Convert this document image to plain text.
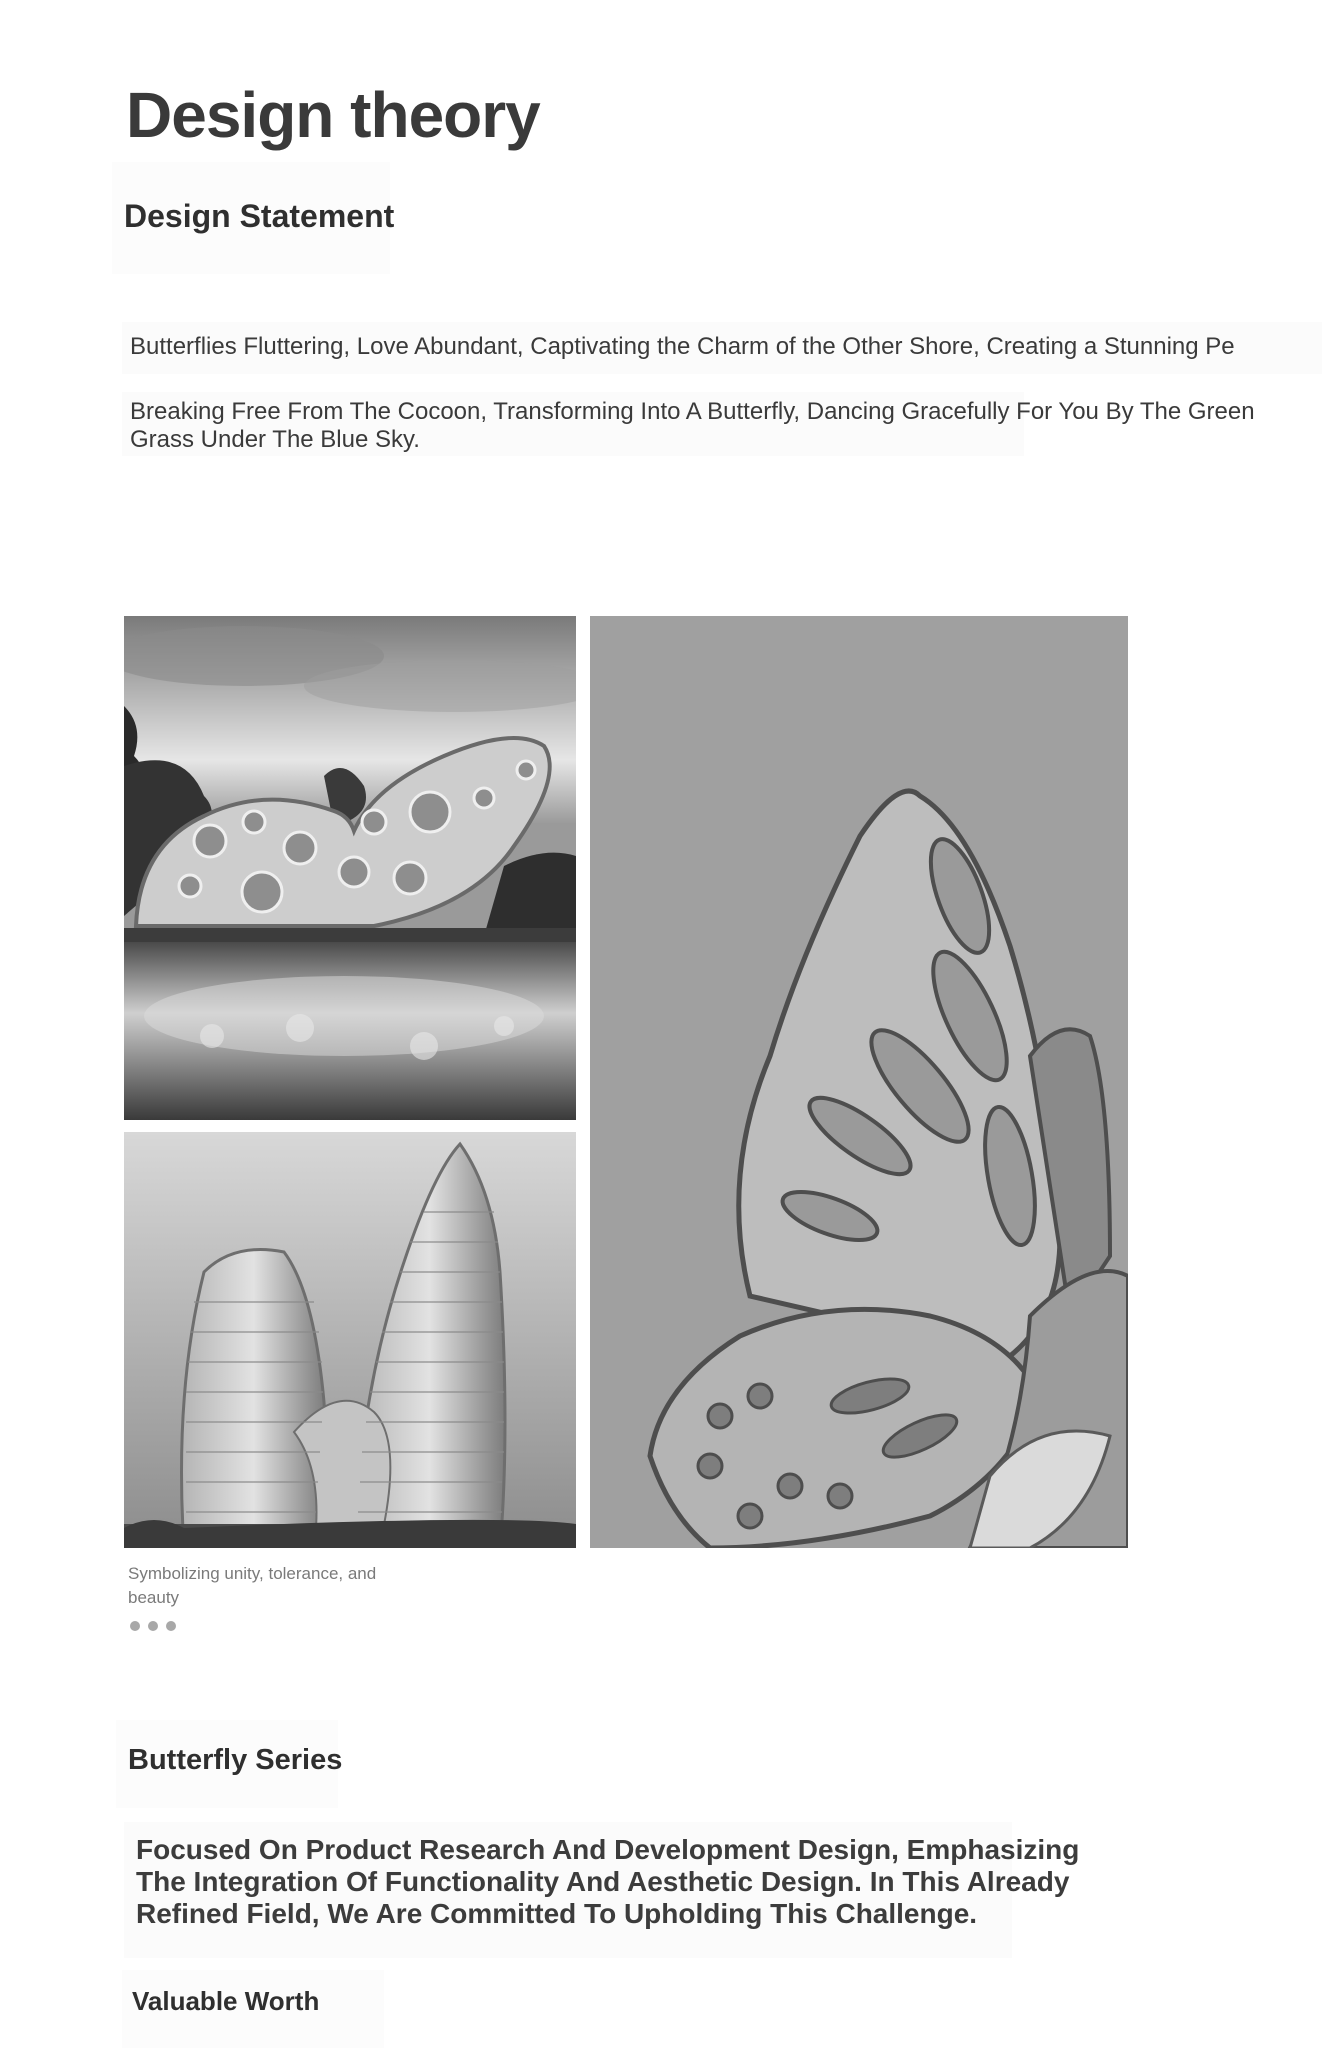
Design theory
Design Statement
Butterflies Fluttering, Love Abundant, Captivating the Charm of the Other Shore, Creating a Stunning Pe
Breaking Free From The Cocoon, Transforming Into A Butterfly, Dancing Gracefully For You By The Green Grass Under The Blue Sky.
Symbolizing unity, tolerance, and beauty
Butterfly Series
Focused On Product Research And Development Design, Emphasizing The Integration Of Functionality And Aesthetic Design. In This Already Refined Field, We Are Committed To Upholding This Challenge.
Valuable Worth
